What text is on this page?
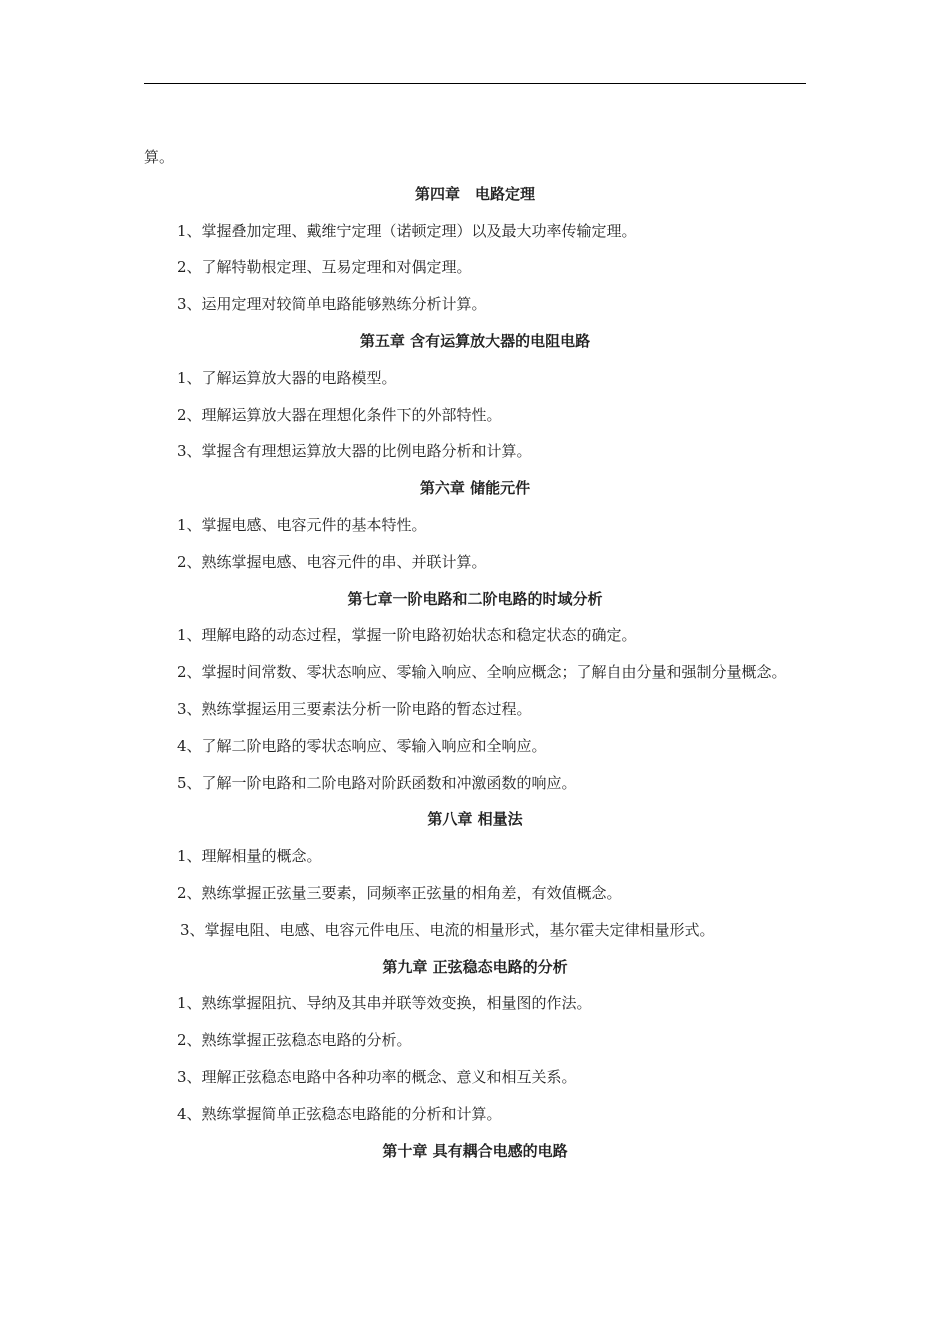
算。
第四章　电路定理
1、掌握叠加定理、戴维宁定理（诺顿定理）以及最大功率传输定理。
2、了解特勒根定理、互易定理和对偶定理。
3、运用定理对较简单电路能够熟练分析计算。
第五章 含有运算放大器的电阻电路
1、了解运算放大器的电路模型。
2、理解运算放大器在理想化条件下的外部特性。
3、掌握含有理想运算放大器的比例电路分析和计算。
第六章 储能元件
1、掌握电感、电容元件的基本特性。
2、熟练掌握电感、电容元件的串、并联计算。
第七章一阶电路和二阶电路的时域分析
1、理解电路的动态过程，掌握一阶电路初始状态和稳定状态的确定。
2、掌握时间常数、零状态响应、零输入响应、全响应概念；了解自由分量和强制分量概念。
3、熟练掌握运用三要素法分析一阶电路的暂态过程。
4、了解二阶电路的零状态响应、零输入响应和全响应。
5、了解一阶电路和二阶电路对阶跃函数和冲激函数的响应。
第八章 相量法
1、理解相量的概念。
2、熟练掌握正弦量三要素，同频率正弦量的相角差，有效值概念。
3、掌握电阻、电感、电容元件电压、电流的相量形式，基尔霍夫定律相量形式。
第九章 正弦稳态电路的分析
1、熟练掌握阻抗、导纳及其串并联等效变换，相量图的作法。
2、熟练掌握正弦稳态电路的分析。
3、理解正弦稳态电路中各种功率的概念、意义和相互关系。
4、熟练掌握简单正弦稳态电路能的分析和计算。
第十章 具有耦合电感的电路
